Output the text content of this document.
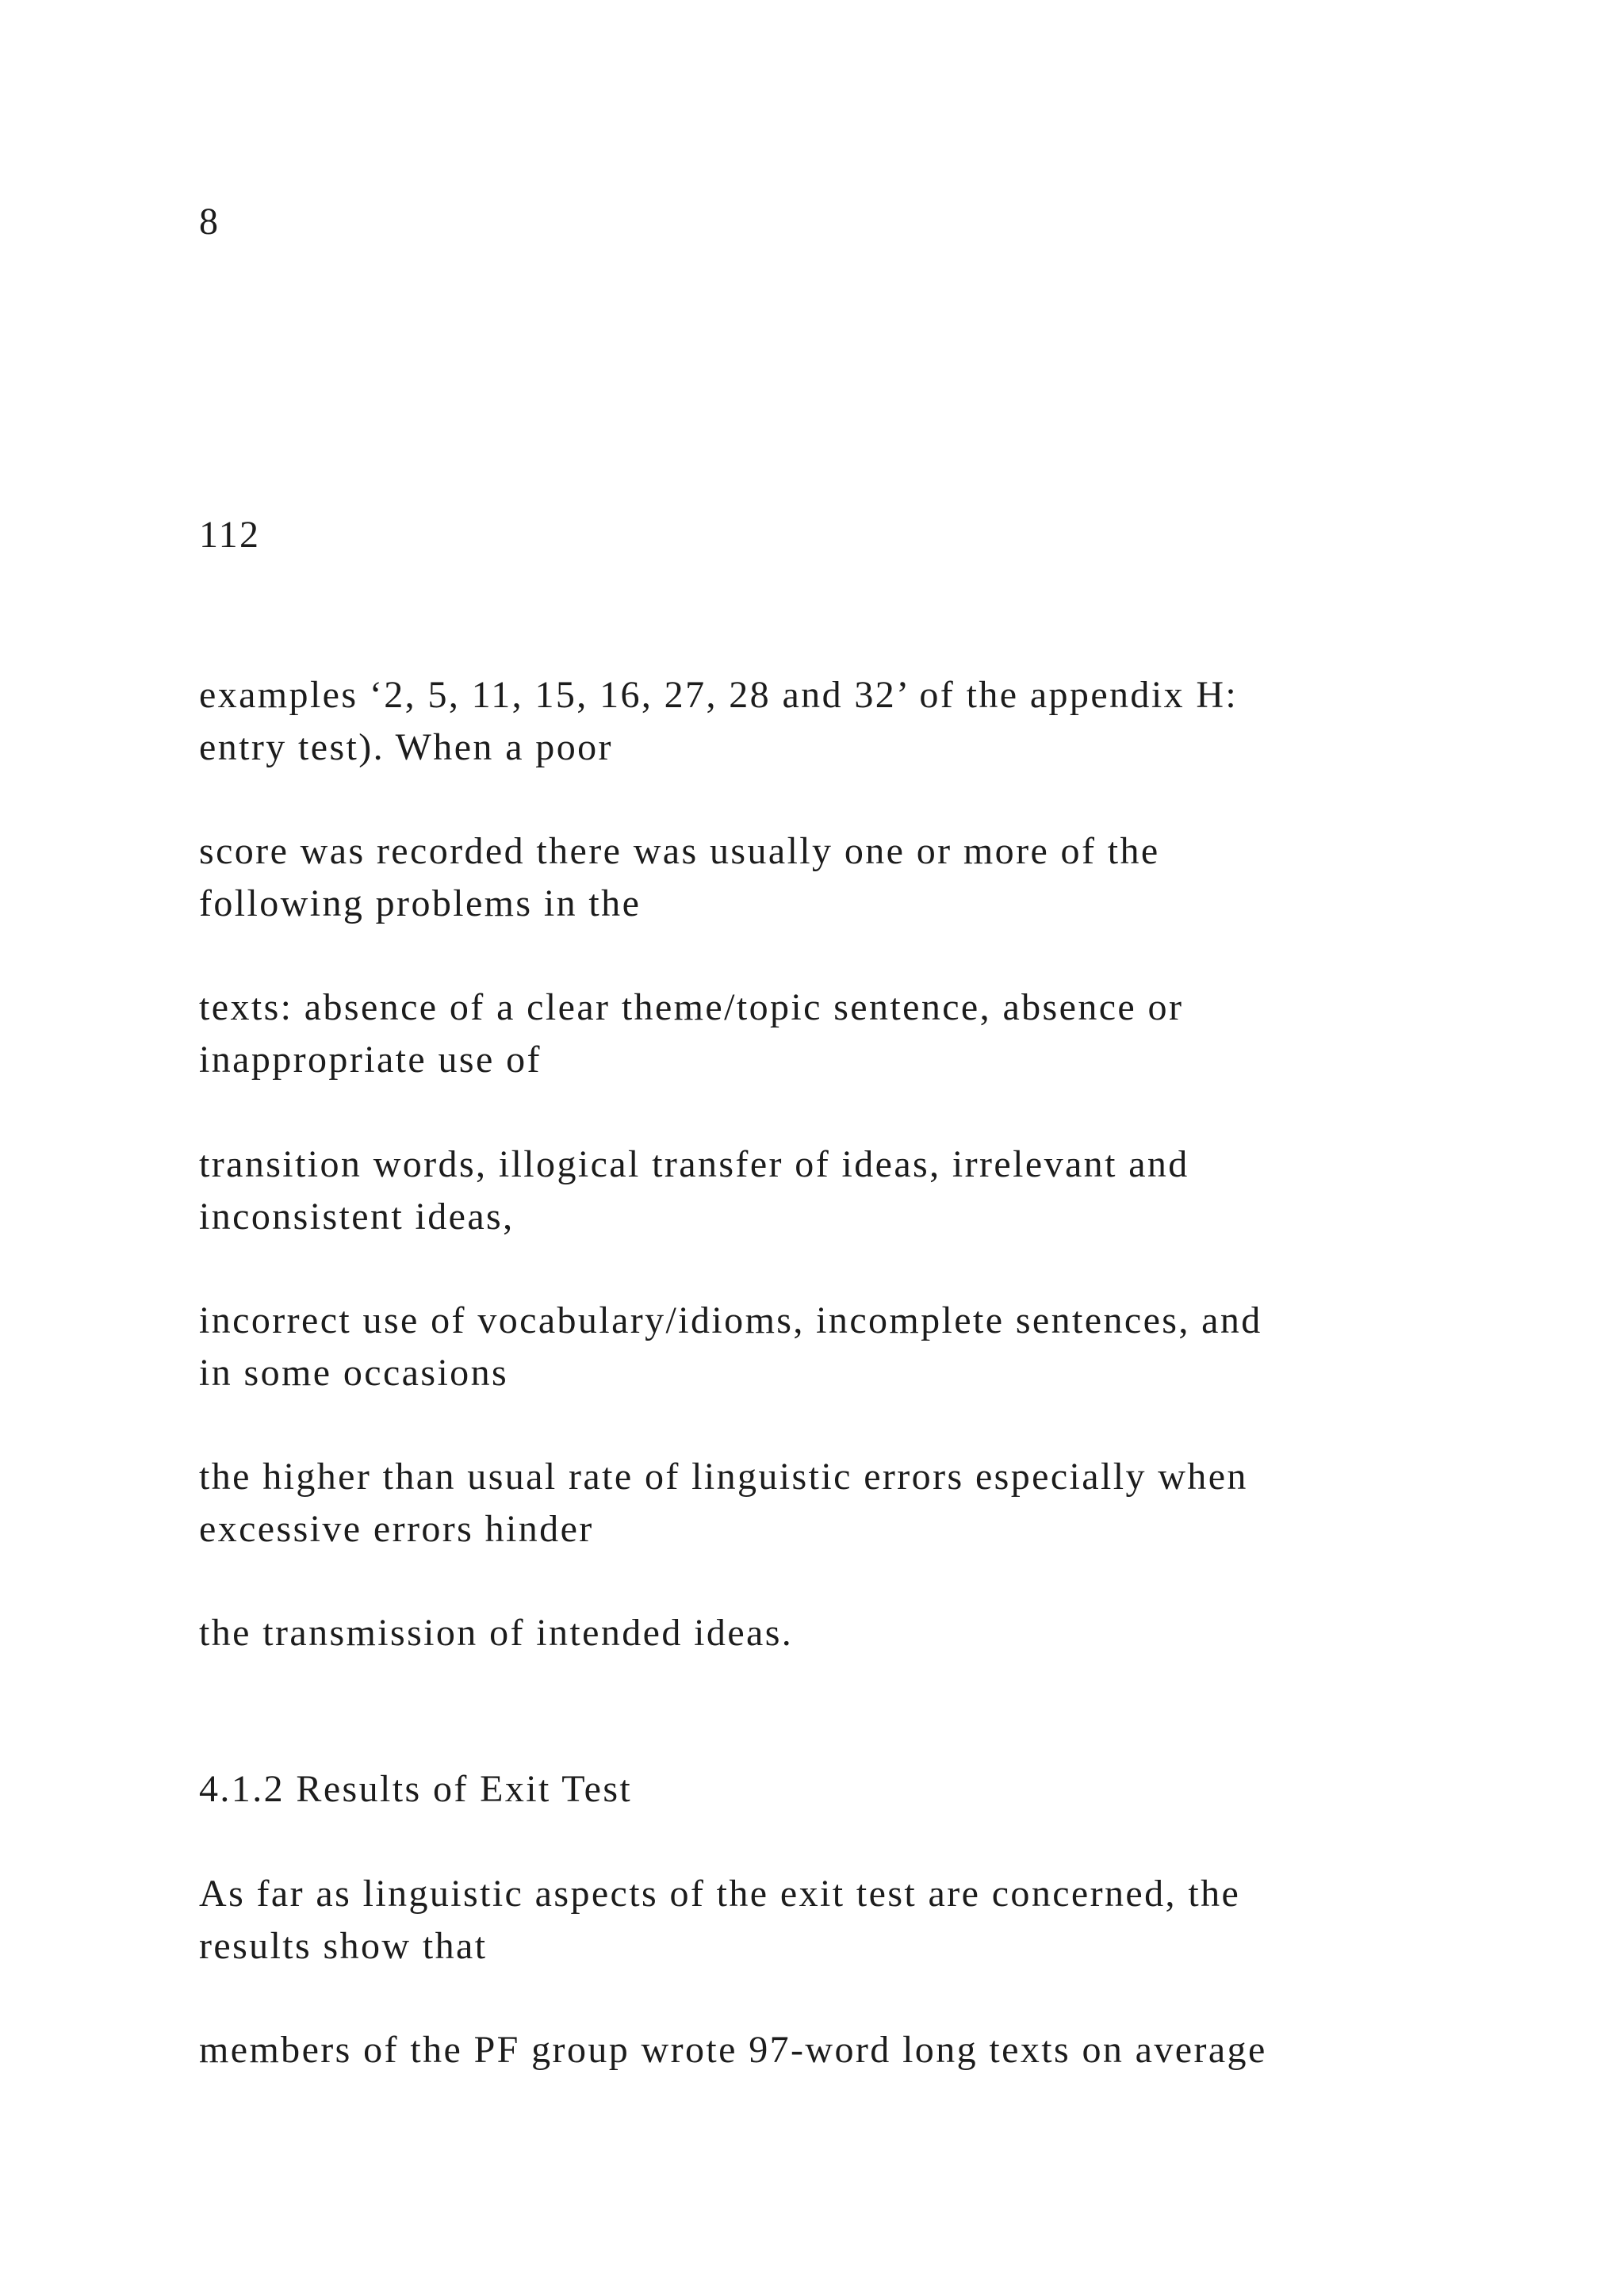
8
112
examples ‘2, 5, 11, 15, 16, 27, 28 and 32’ of the appendix H:
entry test). When a poor
score was recorded there was usually one or more of the
following problems in the
texts: absence of a clear theme/topic sentence, absence or
inappropriate use of
transition words, illogical transfer of ideas, irrelevant and
inconsistent ideas,
incorrect use of vocabulary/idioms, incomplete sentences, and
in some occasions
the higher than usual rate of linguistic errors especially when
excessive errors hinder
the transmission of intended ideas.
4.1.2 Results of Exit Test
As far as linguistic aspects of the exit test are concerned, the
results show that
members of the PF group wrote 97-word long texts on average
